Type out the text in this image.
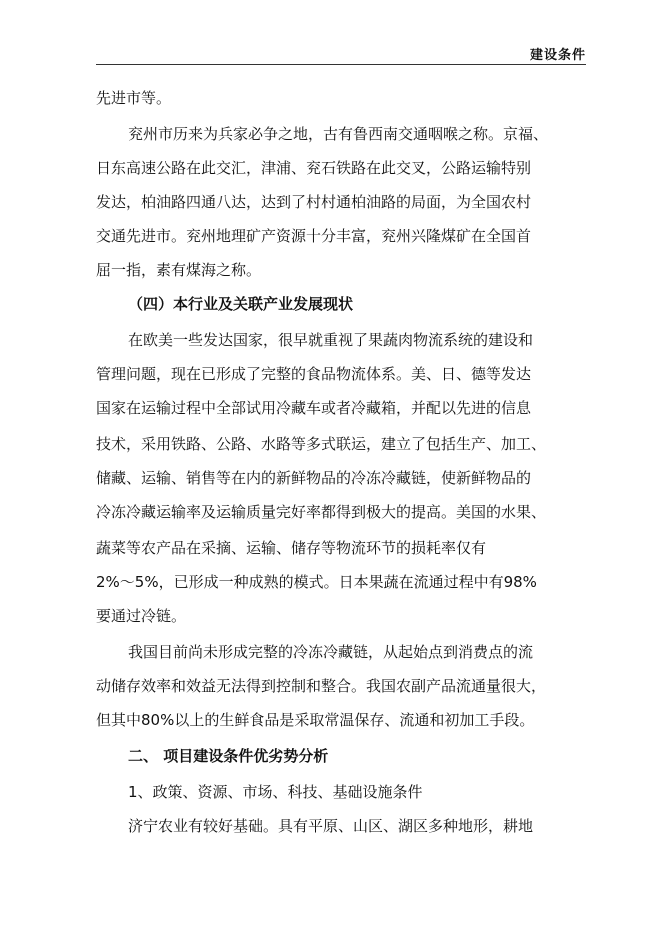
建设条件
先进市等。
兖州市历来为兵家必争之地，古有鲁西南交通咽喉之称。京福、
日东高速公路在此交汇，津浦、兖石铁路在此交叉，公路运输特别
发达，柏油路四通八达，达到了村村通柏油路的局面，为全国农村
交通先进市。兖州地理矿产资源十分丰富，兖州兴隆煤矿在全国首
屈一指，素有煤海之称。
（四）本行业及关联产业发展现状
在欧美一些发达国家，很早就重视了果蔬肉物流系统的建设和
管理问题，现在已形成了完整的食品物流体系。美、日、德等发达
国家在运输过程中全部试用冷藏车或者冷藏箱，并配以先进的信息
技术，采用铁路、公路、水路等多式联运，建立了包括生产、加工、
储藏、运输、销售等在内的新鲜物品的冷冻冷藏链，使新鲜物品的
冷冻冷藏运输率及运输质量完好率都得到极大的提高。美国的水果、
蔬菜等农产品在采摘、运输、储存等物流环节的损耗率仅有
2%～5%，已形成一种成熟的模式。日本果蔬在流通过程中有98%
要通过冷链。
我国目前尚未形成完整的冷冻冷藏链，从起始点到消费点的流
动储存效率和效益无法得到控制和整合。我国农副产品流通量很大，
但其中80%以上的生鲜食品是采取常温保存、流通和初加工手段。
二、 项目建设条件优劣势分析
1、政策、资源、市场、科技、基础设施条件
济宁农业有较好基础。具有平原、山区、湖区多种地形，耕地
